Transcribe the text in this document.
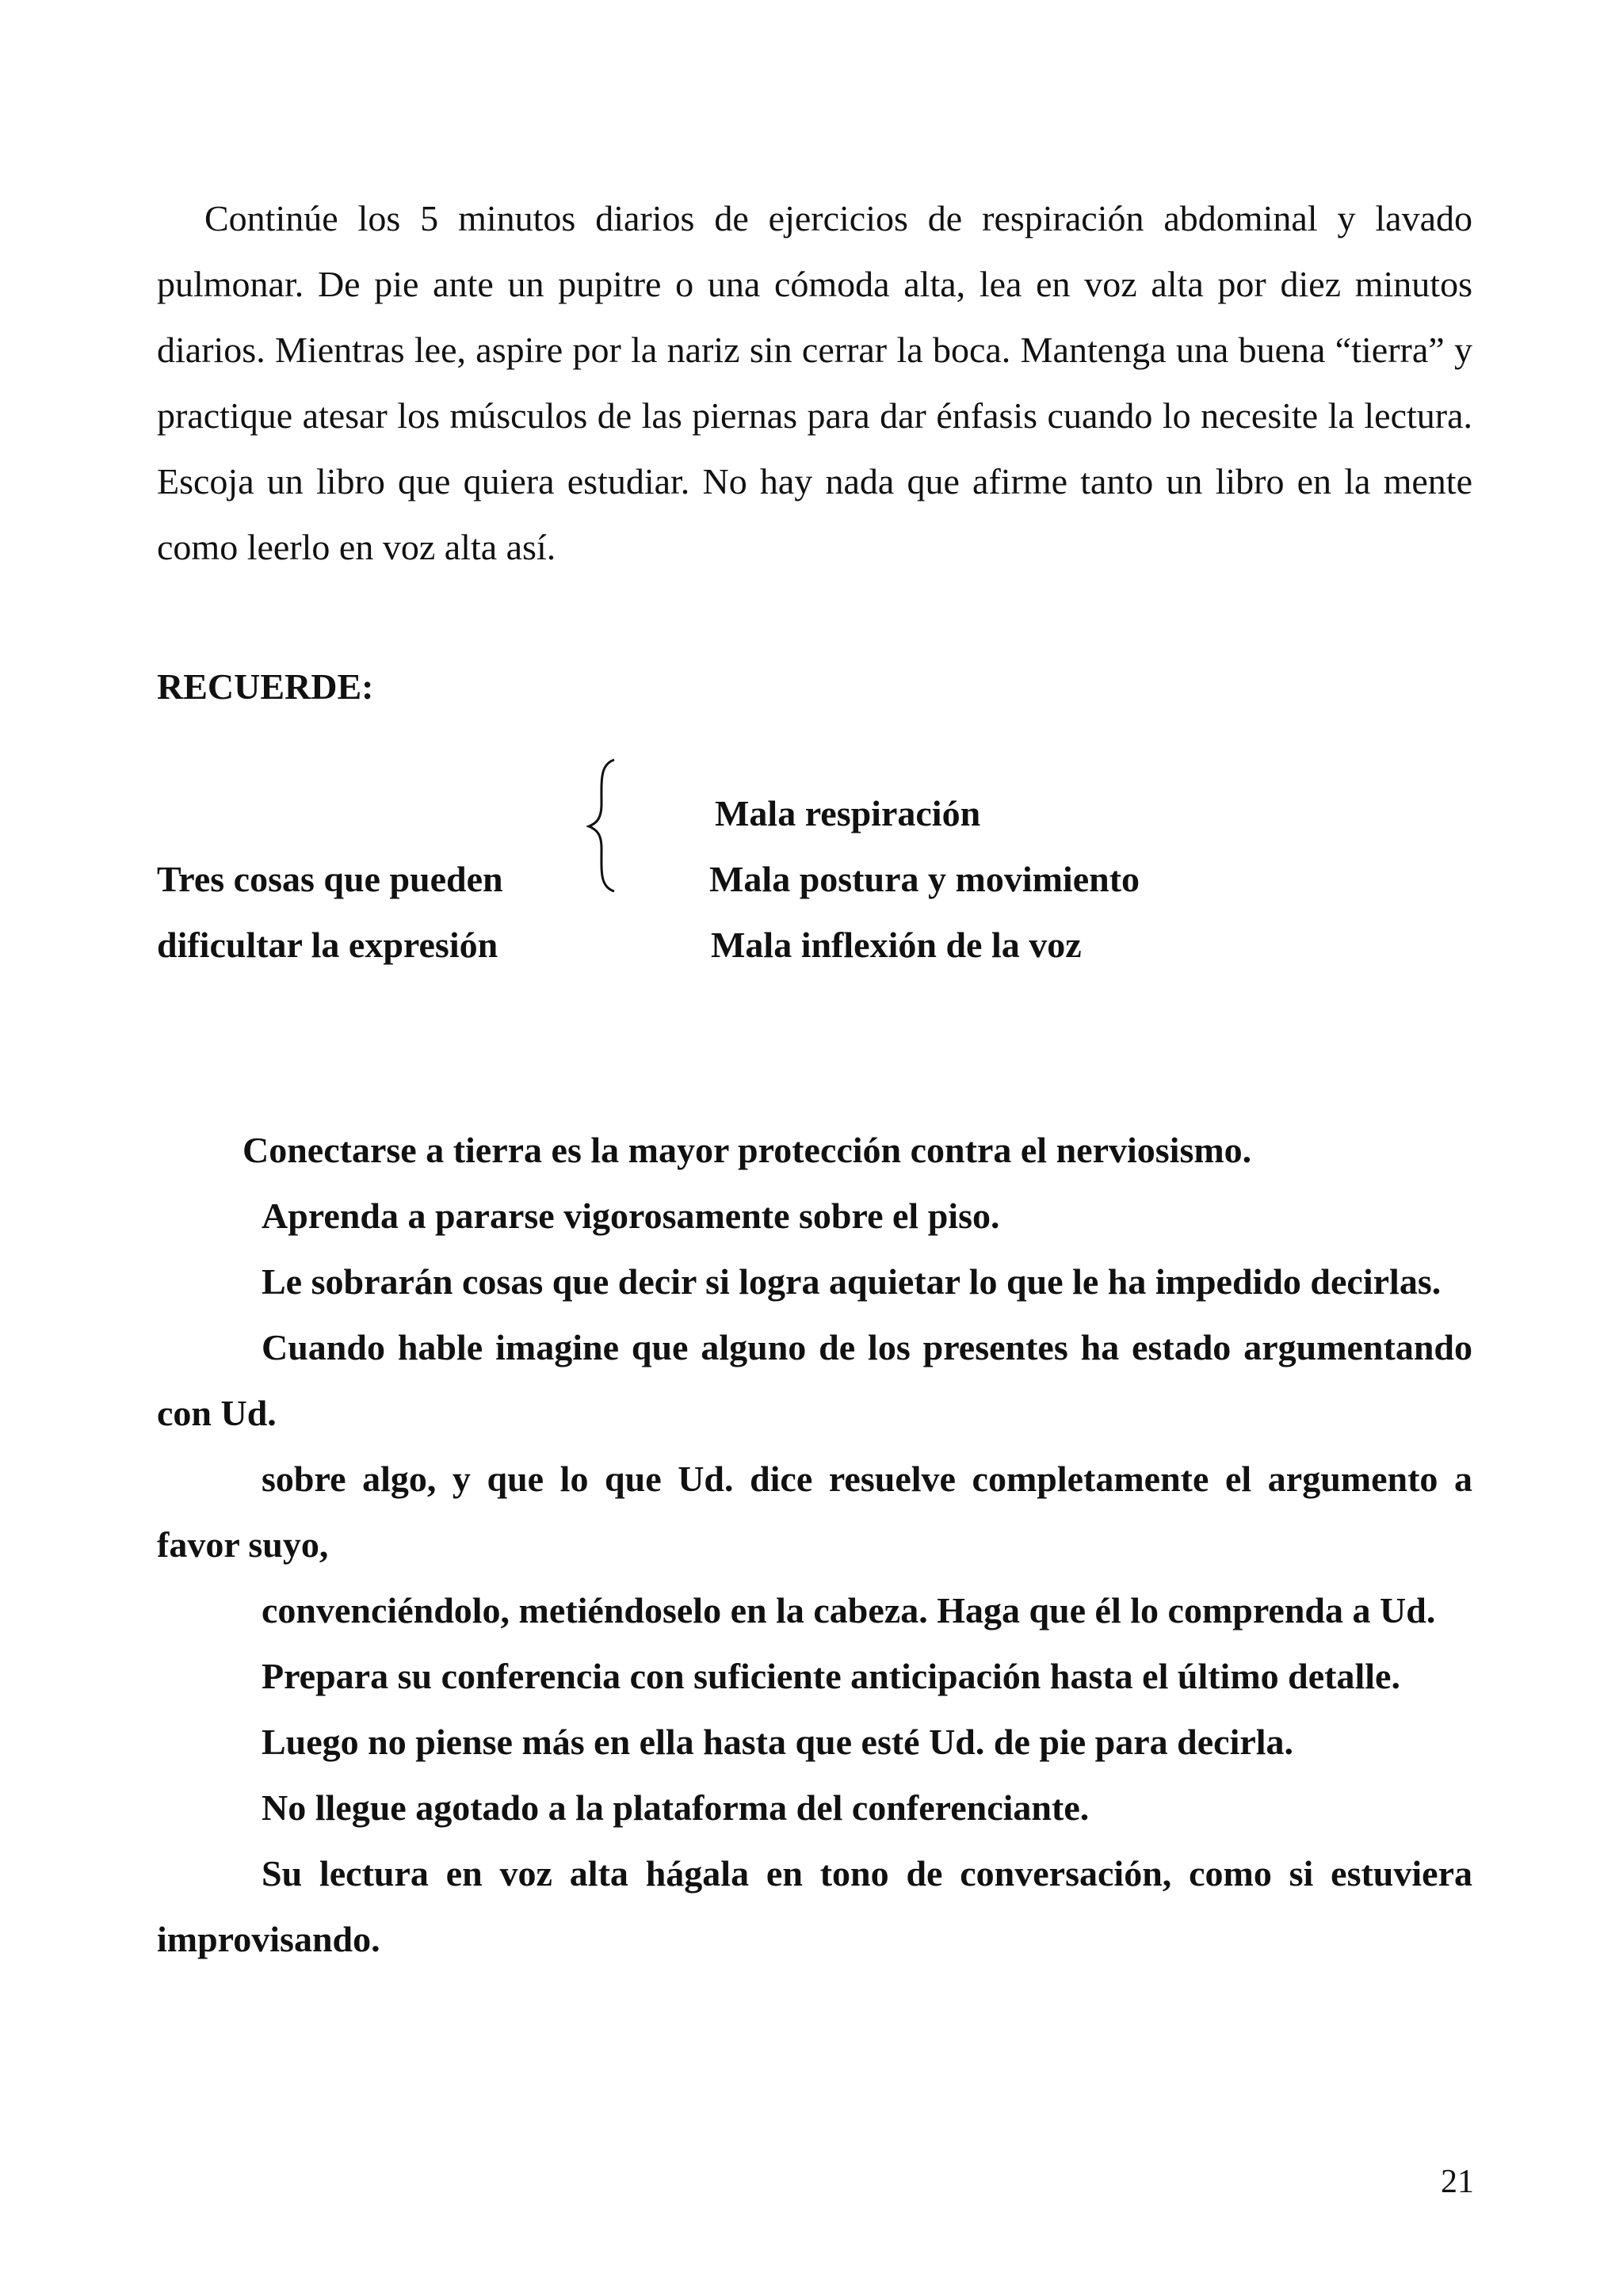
Continúe los 5 minutos diarios de ejercicios de respiración abdominal y lavado pulmonar. De pie ante un pupitre o una cómoda alta, lea en voz alta por diez minutos diarios. Mientras lee, aspire por la nariz sin cerrar la boca. Mantenga una buena “tierra” y practique atesar los músculos de las piernas para dar énfasis cuando lo necesite la lectura. Escoja un libro que quiera estudiar. No hay nada que afirme tanto un libro en la mente como leerlo en voz alta así.

RECUERDE:

Tres cosas que pueden

dificultar la expresión

Mala respiración

Mala postura y movimiento

Mala inflexión de la voz

Conectarse a tierra es la mayor protección contra el nerviosismo.
Aprenda a pararse vigorosamente sobre el piso.
Le sobrarán cosas que decir si logra aquietar lo que le ha impedido decirlas.
Cuando hable imagine que alguno de los presentes ha estado argumentando con Ud.
sobre algo, y que lo que Ud. dice resuelve completamente el argumento a favor suyo,
convenciéndolo, metiéndoselo en la cabeza. Haga que él lo comprenda a Ud.
Prepara su conferencia con suficiente anticipación hasta el último detalle.
Luego no piense más en ella hasta que esté Ud. de pie para decirla.
No llegue agotado a la plataforma del conferenciante.
Su lectura en voz alta hágala en tono de conversación, como si estuviera improvisando.
21
